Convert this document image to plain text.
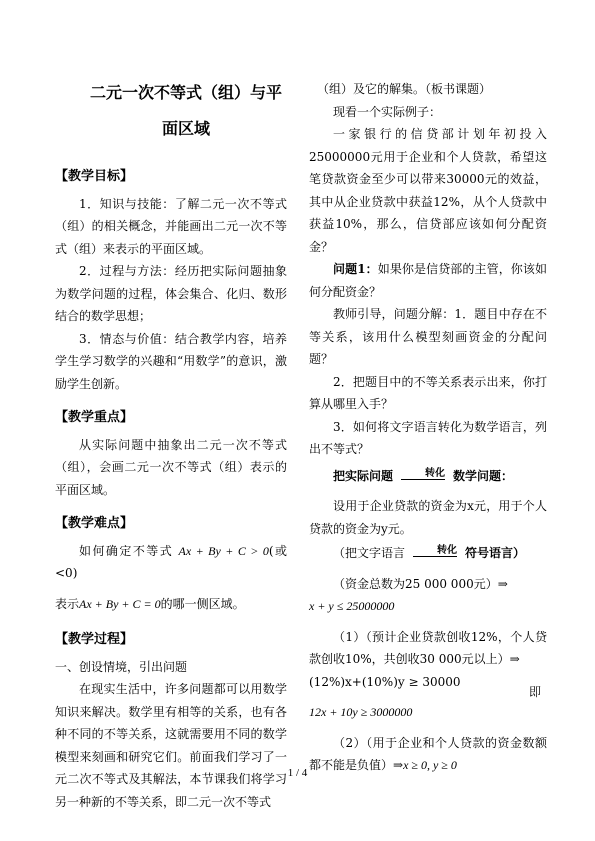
二元一次不等式（组）与平
面区域
【教学目标】

1．知识与技能：了解二元一次不等式（组）的相关概念，并能画出二元一次不等式（组）来表示的平面区域。

2．过程与方法：经历把实际问题抽象为数学问题的过程，体会集合、化归、数形结合的数学思想；

3．情态与价值：结合教学内容，培养学生学习数学的兴趣和“用数学”的意识，激励学生创新。

【教学重点】

从实际问题中抽象出二元一次不等式（组），会画二元一次不等式（组）表示的平面区域。

【教学难点】

如何确定不等式 Ax + By + C > 0(或<0)

表示Ax + By + C = 0的哪一侧区域。

【教学过程】

一、创设情境，引出问题

在现实生活中，许多问题都可以用数学知识来解决。数学里有相等的关系，也有各种不同的不等关系，这就需要用不同的数学模型来刻画和研究它们。前面我们学习了一元二次不等式及其解法，本节课我们将学习另一种新的不等关系，即二元一次不等式

（组）及它的解集。（板书课题）

现看一个实际例子：

一家银行的信贷部计划年初投入25000000元用于企业和个人贷款，希望这笔贷款资金至少可以带来30000元的效益，其中从企业贷款中获益12%，从个人贷款中获益10%，那么，信贷部应该如何分配资金？

问题1：如果你是信贷部的主管，你该如何分配资金？

教师引导，问题分解：1．题目中存在不等关系，该用什么模型刻画资金的分配问题？

2．把题目中的不等关系表示出来，你打算从哪里入手？

3．如何将文字语言转化为数学语言，列出不等式？

把实际问题	转化 数学问题：

设用于企业贷款的资金为x元，用于个人贷款的资金为y元。

（把文字语言	转化 符号语言）

（资金总数为25 000 000元）⇒

x + y ≤ 25000000

（1）（预计企业贷款创收12%，个人贷款创收10%，共创收30 000元以上）⇒

(12%)x+(10%)y ≥ 30000
即

12x + 10y ≥ 3000000

（2）（用于企业和个人贷款的资金数额都不能是负值）⇒x ≥ 0, y ≥ 0

1 / 4
